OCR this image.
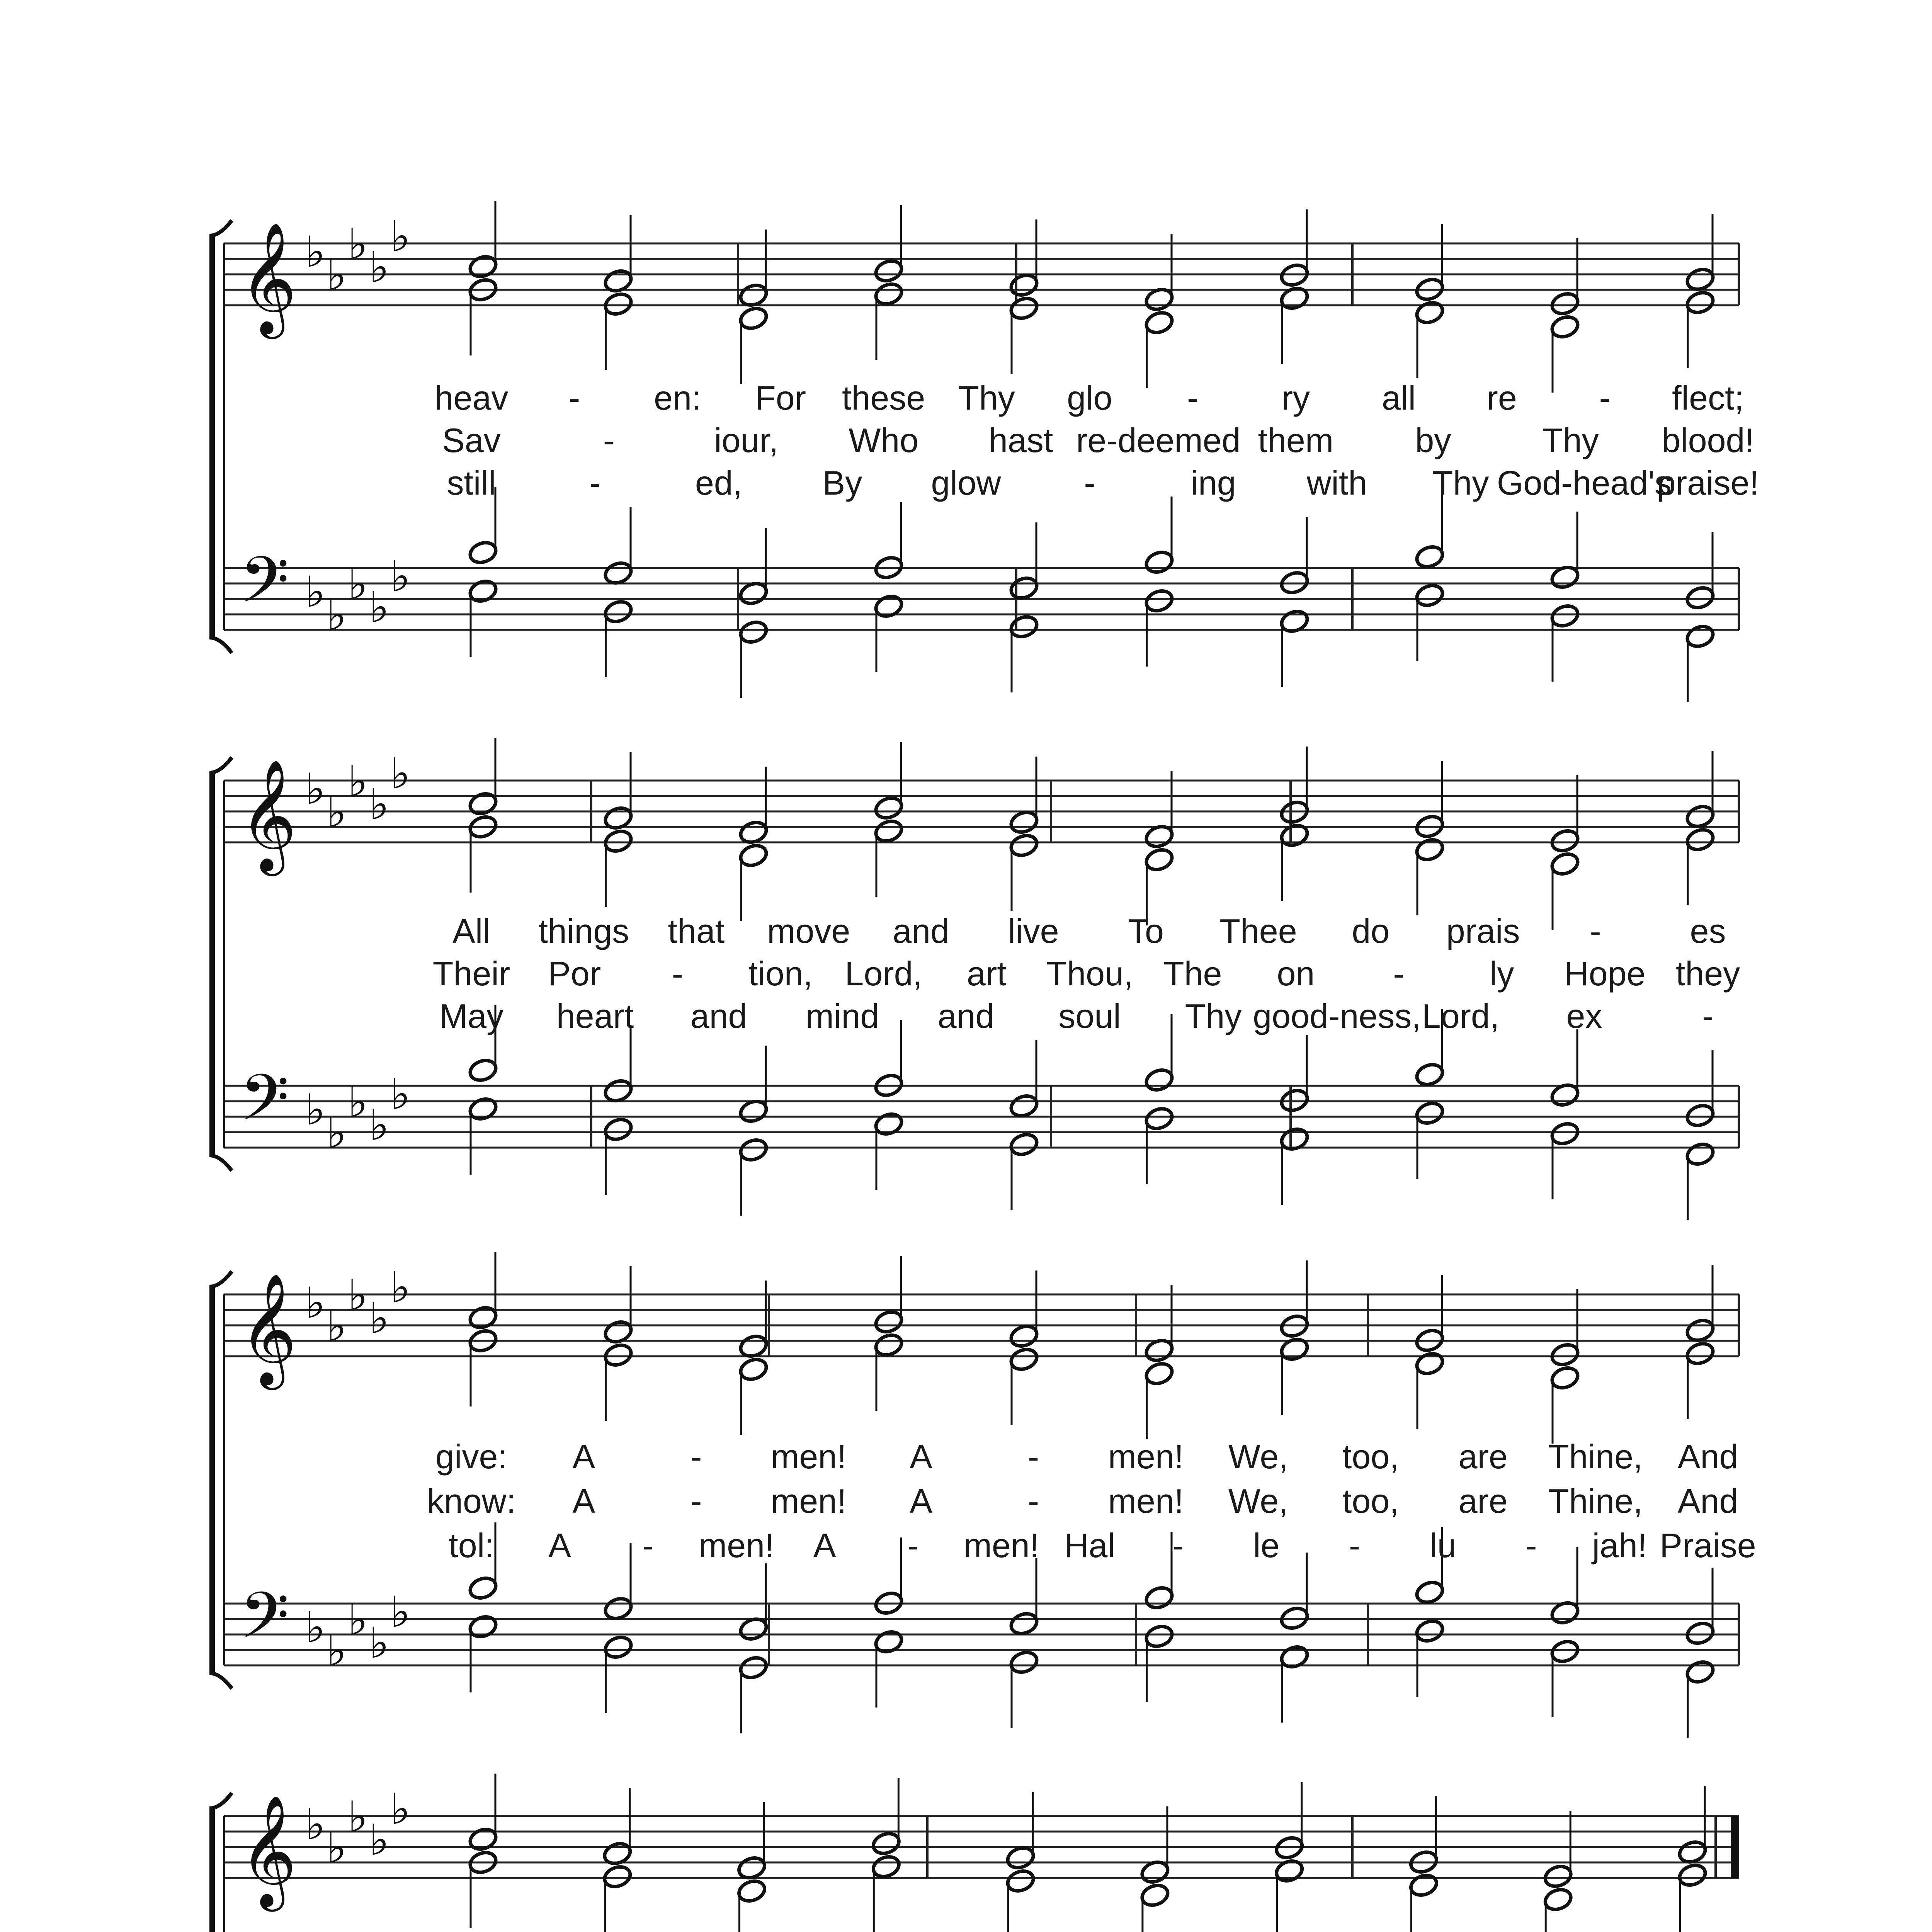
𝄞 ♭ ♭
♭ ♭
♭
𝄢 ♭ ♭
♭ ♭
♭
𝄞 ♭ ♭
♭ ♭
♭
𝄢 ♭ ♭
♭ ♭
♭
𝄞 ♭ ♭
♭ ♭
♭
𝄢 ♭ ♭
♭ ♭
♭
𝄞 ♭ ♭
♭ ♭
♭
heav - en: For these Thy glo - ry all re - flect;
Sav	-	iour, Who hast re-deemed them by	Thy blood!
still	-	ed, By glow -	ing with Thy God-head's
praise!
All things that move and live To Thee do prais -	es
Their Por - tion, Lord, art Thou, The on -	ly Hope they
May heart and mind and soul Thy good-ness, Lord, ex	-
give: A	- men! A	- men! We, too, are Thine, And
know: A	- men! A	- men! We, too, are Thine, And
tol: A - men! A - men! Hal - le - lu - jah! Praise
